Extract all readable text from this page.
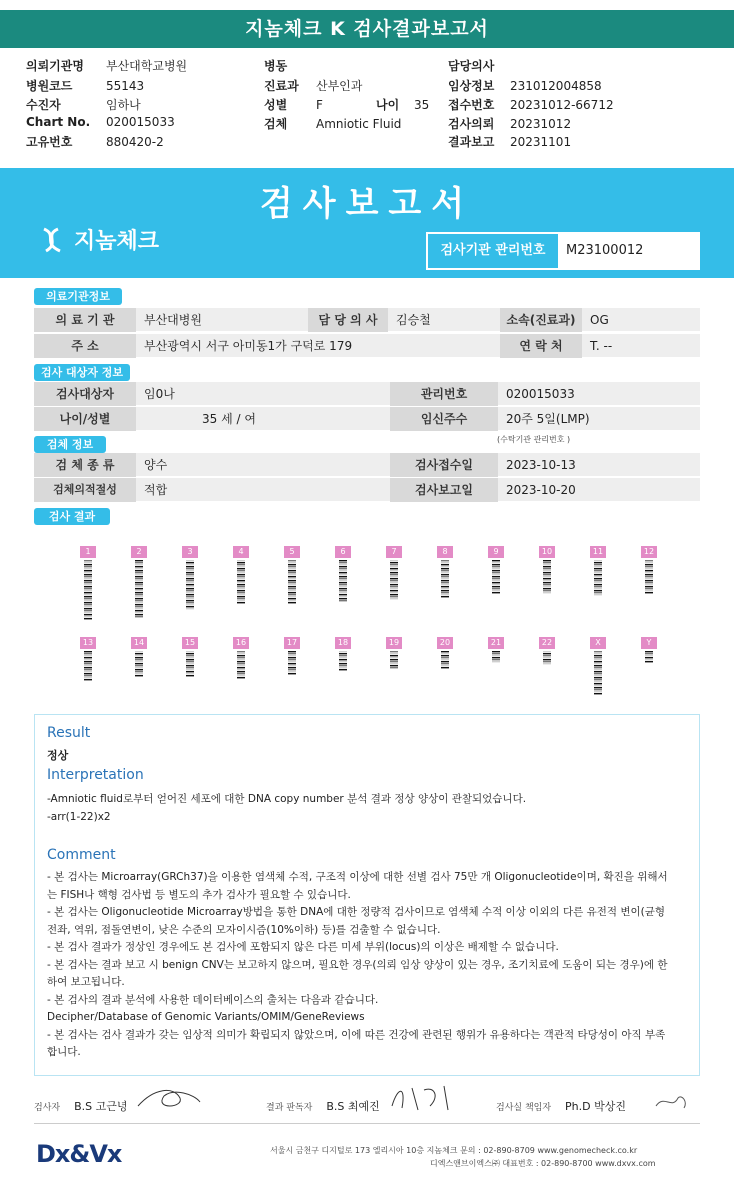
지놈체크 K 검사결과보고서
의뢰기관명 부산대학교병원
병원코드	55143
수진자	임하나
Chart No. 020015033
고유번호	880420-2
병동
진료과 산부인과
성별 F	나이 35
검체 Amniotic Fluid
담당의사
임상정보 231012004858
접수번호 20231012-66712
검사의뢰 20231012
결과보고 20231101
검사보고서
지놈체크	검사기관 관리번호	M23100012
의료기관정보
의 료 기 관	부산대병원	담 당 의 사	김승철	소속(진료과)	OG
주 소	부산광역시 서구 아미동1가 구덕로 179	연 락 처	T. --
검사 대상자 정보
검사대상자	임0나	관리번호	020015033
나이/성별	35 세 / 여	임신주수	20주 5일(LMP)
검체 정보	(수탁기관 관리번호 )
검 체 종 류	양수	검사접수일	2023-10-13
검체의적절성	적합	검사보고일	2023-10-20
검사 결과
1	2	3	4	5	6	7	8	9	10	11	12
13	14	15	16	17	18	19	20	21	22	X	Y
Result
정상
Interpretation
-Amniotic fluid로부터 얻어진 세포에 대한 DNA copy number 분석 결과 정상 양상이 관찰되었습니다.
-arr(1-22)x2
Comment
- 본 검사는 Microarray(GRCh37)을 이용한 염색체 수적, 구조적 이상에 대한 선별 검사 75만 개 Oligonucleotide이며, 확진을 위해서
는 FISH나 핵형 검사법 등 별도의 추가 검사가 필요할 수 있습니다.
- 본 검사는 Oligonucleotide Microarray방법을 통한 DNA에 대한 정량적 검사이므로 염색체 수적 이상 이외의 다른 유전적 변이(균형
전좌, 역위, 점돌연변이, 낮은 수준의 모자이시즘(10%이하) 등)를 검출할 수 없습니다.
- 본 검사 결과가 정상인 경우에도 본 검사에 포함되지 않은 다른 미세 부위(locus)의 이상은 배제할 수 없습니다.
- 본 검사는 결과 보고 시 benign CNV는 보고하지 않으며, 필요한 경우(의뢰 임상 양상이 있는 경우, 조기치료에 도움이 되는 경우)에 한
하여 보고됩니다.
- 본 검사의 결과 분석에 사용한 데이터베이스의 출처는 다음과 같습니다.
Decipher/Database of Genomic Variants/OMIM/GeneReviews
- 본 검사는 검사 결과가 갖는 임상적 의미가 확립되지 않았으며, 이에 따른 건강에 관련된 행위가 유용하다는 객관적 타당성이 아직 부족
합니다.
검사자 B.S 고근녕	결과 판독자 B.S 최예진	검사실 책임자 Ph.D 박상진
Dx&Vx	서울시 금천구 디지털로 173 엘리시아 10층 지놈체크 문의 : 02-890-8709 www.genomecheck.co.kr
디엑스앤브이엑스㈜ 대표번호 : 02-890-8700 www.dxvx.com
